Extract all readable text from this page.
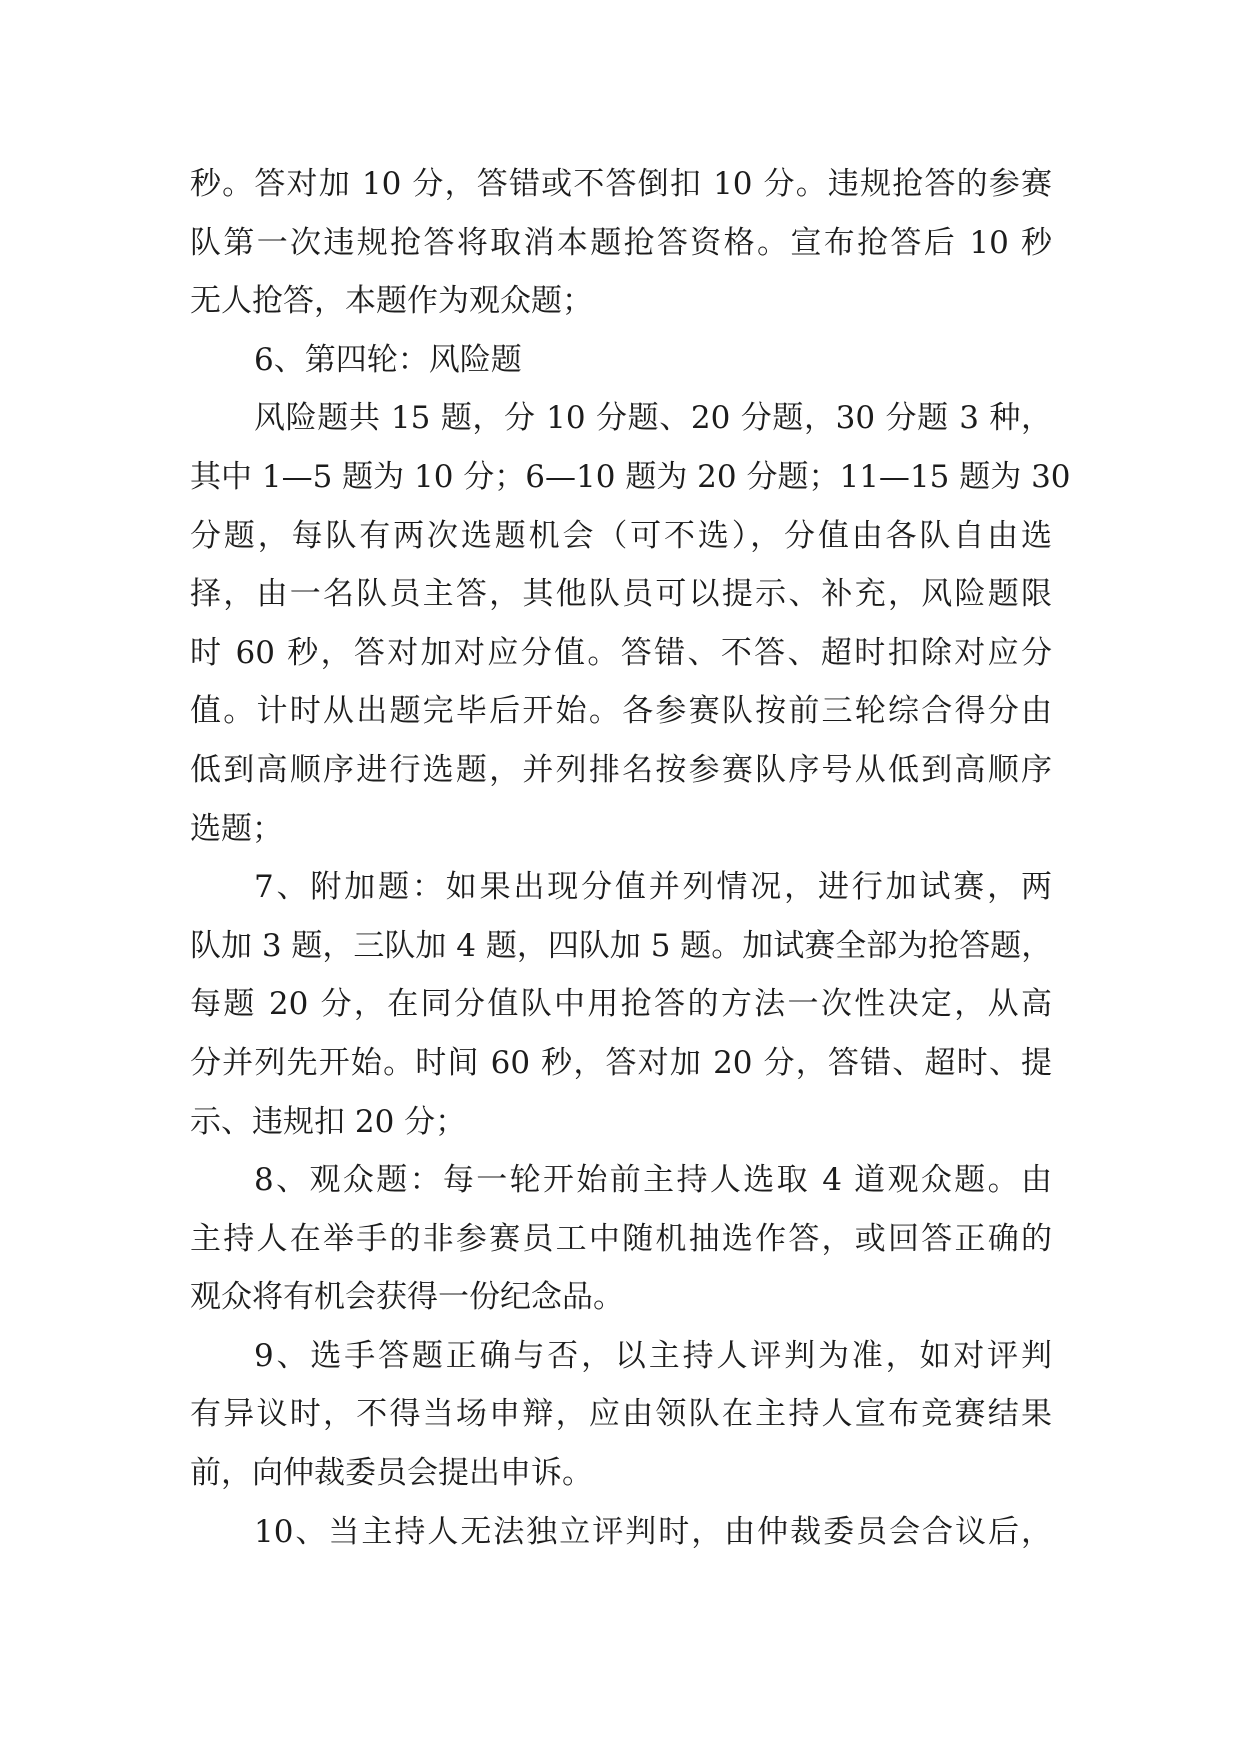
秒。答对加 10 分，答错或不答倒扣 10 分。违规抢答的参赛
队第一次违规抢答将取消本题抢答资格。宣布抢答后 10 秒
无人抢答，本题作为观众题；
6、第四轮：风险题
风险题共 15 题，分 10 分题、20 分题，30 分题 3 种，
其中 1—5 题为 10 分；6—10 题为 20 分题；11—15 题为 30
分题，每队有两次选题机会（可不选），分值由各队自由选
择，由一名队员主答，其他队员可以提示、补充，风险题限
时 60 秒，答对加对应分值。答错、不答、超时扣除对应分
值。计时从出题完毕后开始。各参赛队按前三轮综合得分由
低到高顺序进行选题，并列排名按参赛队序号从低到高顺序
选题；
7、附加题：如果出现分值并列情况，进行加试赛，两
队加 3 题，三队加 4 题，四队加 5 题。加试赛全部为抢答题，
每题 20 分，在同分值队中用抢答的方法一次性决定，从高
分并列先开始。时间 60 秒，答对加 20 分，答错、超时、提
示、违规扣 20 分；
8、观众题：每一轮开始前主持人选取 4 道观众题。由
主持人在举手的非参赛员工中随机抽选作答，或回答正确的
观众将有机会获得一份纪念品。
9、选手答题正确与否，以主持人评判为准，如对评判
有异议时，不得当场申辩，应由领队在主持人宣布竞赛结果
前，向仲裁委员会提出申诉。
10、当主持人无法独立评判时，由仲裁委员会合议后，
